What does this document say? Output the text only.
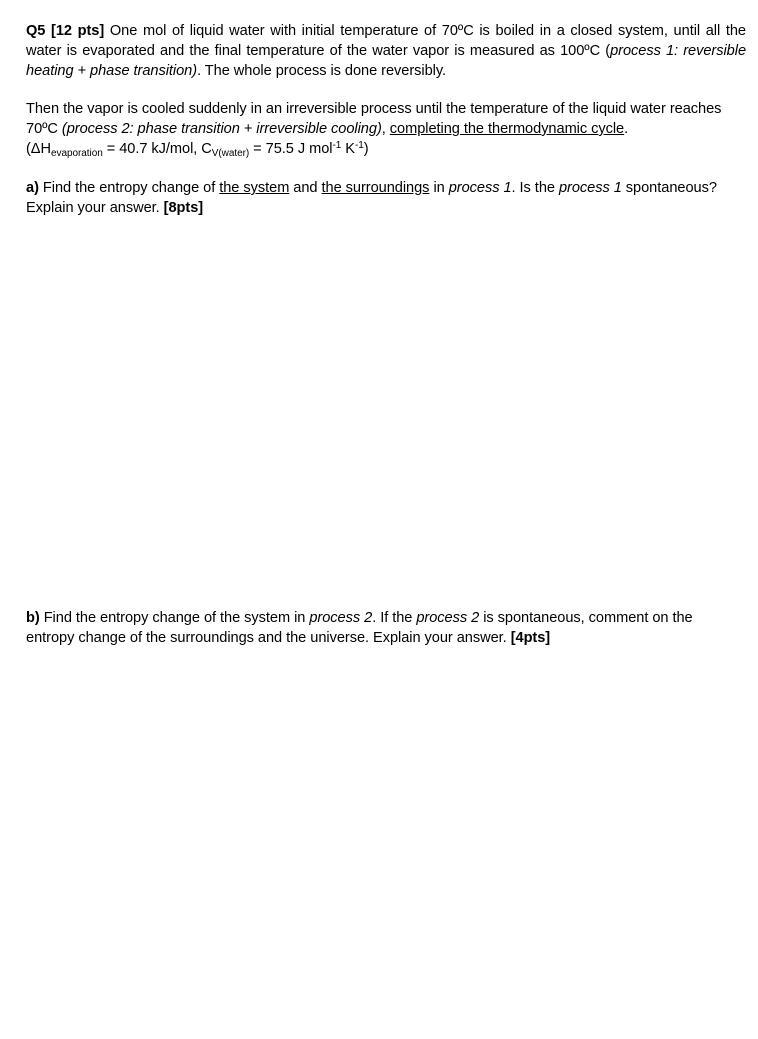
Q5 [12 pts] One mol of liquid water with initial temperature of 70ºC is boiled in a closed system, until all the water is evaporated and the final temperature of the water vapor is measured as 100ºC (process 1: reversible heating + phase transition). The whole process is done reversibly.
Then the vapor is cooled suddenly in an irreversible process until the temperature of the liquid water reaches 70ºC (process 2: phase transition + irreversible cooling), completing the thermodynamic cycle.
($\Delta H_{evaporation} = 40.7$ kJ/mol, $C_{V(water)} = 75.5$ J mol$^{-1}$ $K^{-1}$)
a) Find the entropy change of the system and the surroundings in process 1. Is the process 1 spontaneous?
Explain your answer. [8pts]
b) Find the entropy change of the system in process 2. If the process 2 is spontaneous, comment on the
entropy change of the surroundings and the universe. Explain your answer. [4pts]
